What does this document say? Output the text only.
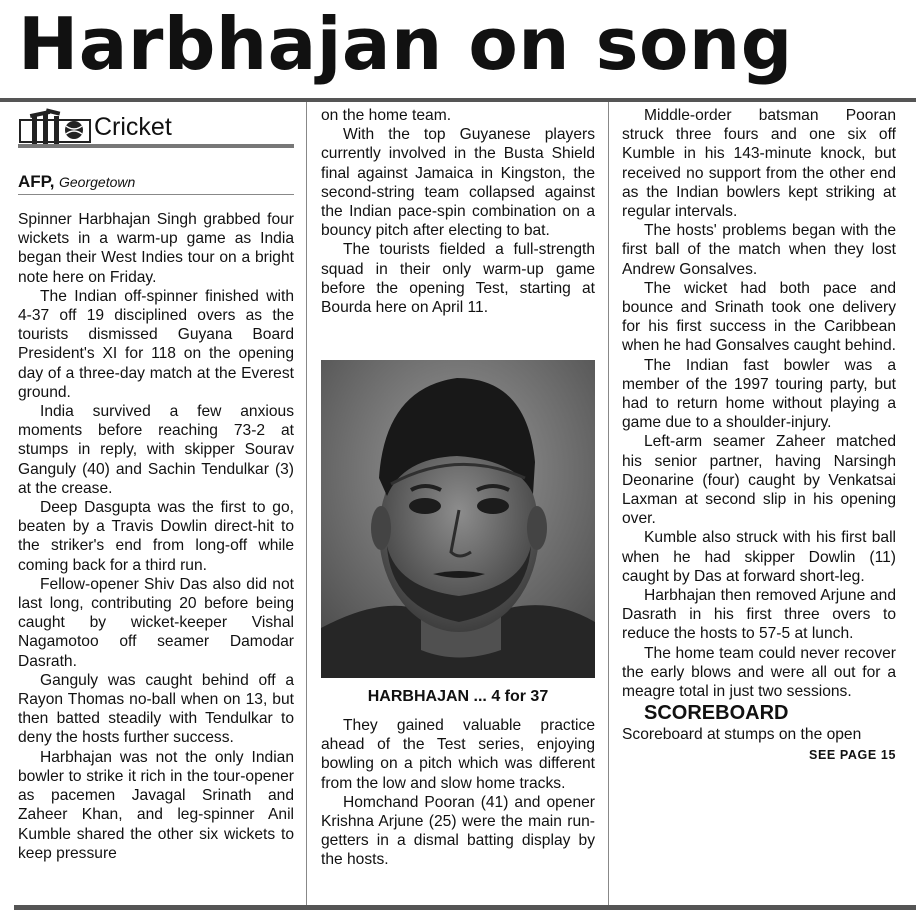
Harbhajan on song
Cricket
AFP, Georgetown

Spinner Harbhajan Singh grabbed four wickets in a warm-up game as India began their West Indies tour on a bright note here on Friday.

The Indian off-spinner finished with 4-37 off 19 disciplined overs as the tourists dismissed Guyana Board President's XI for 118 on the opening day of a three-day match at the Everest ground.

India survived a few anxious moments before reaching 73-2 at stumps in reply, with skipper Sourav Ganguly (40) and Sachin Tendulkar (3) at the crease.

Deep Dasgupta was the first to go, beaten by a Travis Dowlin direct-hit to the striker's end from long-off while coming back for a third run.

Fellow-opener Shiv Das also did not last long, contributing 20 before being caught by wicket-keeper Vishal Nagamotoo off seamer Damodar Dasrath.

Ganguly was caught behind off a Rayon Thomas no-ball when on 13, but then batted steadily with Tendulkar to deny the hosts further success.

Harbhajan was not the only Indian bowler to strike it rich in the tour-opener as pacemen Javagal Srinath and Zaheer Khan, and leg-spinner Anil Kumble shared the other six wickets to keep pressure

on the home team.

With the top Guyanese players currently involved in the Busta Shield final against Jamaica in Kingston, the second-string team collapsed against the Indian pace-spin combination on a bouncy pitch after electing to bat.

The tourists fielded a full-strength squad in their only warm-up game before the opening Test, starting at Bourda here on April 11.

HARBHAJAN ... 4 for 37

They gained valuable practice ahead of the Test series, enjoying bowling on a pitch which was different from the low and slow home tracks.

Homchand Pooran (41) and opener Krishna Arjune (25) were the main run-getters in a dismal batting display by the hosts.

Middle-order batsman Pooran struck three fours and one six off Kumble in his 143-minute knock, but received no support from the other end as the Indian bowlers kept striking at regular intervals.

The hosts' problems began with the first ball of the match when they lost Andrew Gonsalves.

The wicket had both pace and bounce and Srinath took one delivery for his first success in the Caribbean when he had Gonsalves caught behind.

The Indian fast bowler was a member of the 1997 touring party, but had to return home without playing a game due to a shoulder-injury.

Left-arm seamer Zaheer matched his senior partner, having Narsingh Deonarine (four) caught by Venkatsai Laxman at second slip in his opening over.

Kumble also struck with his first ball when he had skipper Dowlin (11) caught by Das at forward short-leg.

Harbhajan then removed Arjune and Dasrath in his first three overs to reduce the hosts to 57-5 at lunch.

The home team could never recover the early blows and were all out for a meagre total in just two sessions.

SCOREBOARD

Scoreboard at stumps on the open

SEE PAGE 15
